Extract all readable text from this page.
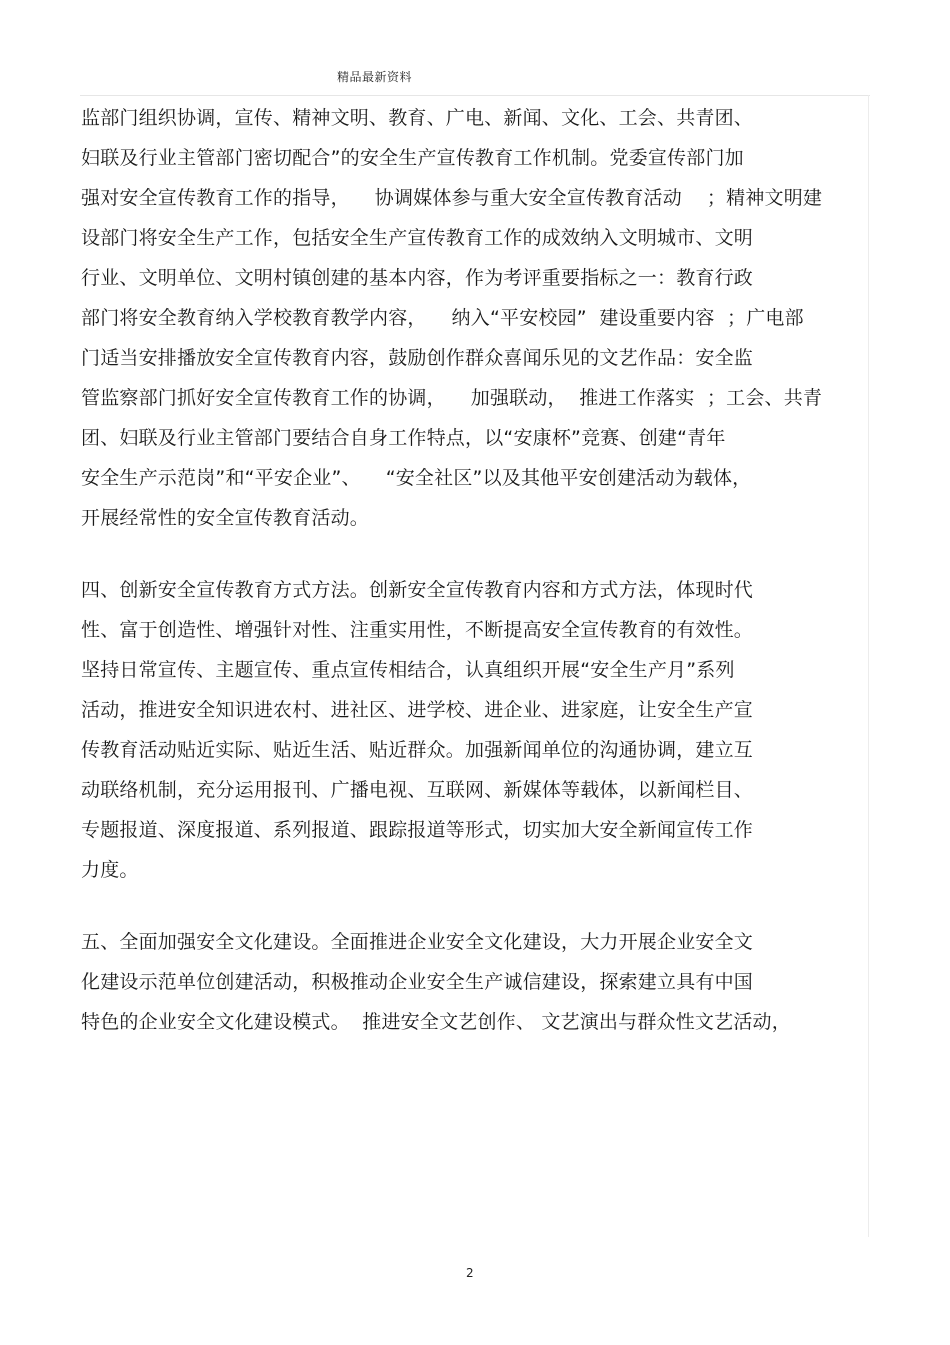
精品最新资料
监部门组织协调，宣传、精神文明、教育、广电、新闻、文化、工会、共青团、
妇联及行业主管部门密切配合”的安全生产宣传教育工作机制。党委宣传部门加
强对安全宣传教育工作的指导，    协调媒体参与重大安全宣传教育活动    ；精神文明建
设部门将安全生产工作，包括安全生产宣传教育工作的成效纳入文明城市、文明
行业、文明单位、文明村镇创建的基本内容，作为考评重要指标之一：教育行政
部门将安全教育纳入学校教育教学内容，    纳入“平安校园”  建设重要内容  ；广电部
门适当安排播放安全宣传教育内容，鼓励创作群众喜闻乐见的文艺作品：安全监
管监察部门抓好安全宣传教育工作的协调，    加强联动，  推进工作落实  ；工会、共青
团、妇联及行业主管部门要结合自身工作特点，以“安康杯”竞赛、创建“青年
安全生产示范岗”和“平安企业”、    “安全社区”以及其他平安创建活动为载体，
开展经常性的安全宣传教育活动。
四、创新安全宣传教育方式方法。创新安全宣传教育内容和方式方法，体现时代
性、富于创造性、增强针对性、注重实用性，不断提高安全宣传教育的有效性。
坚持日常宣传、主题宣传、重点宣传相结合，认真组织开展“安全生产月”系列
活动，推进安全知识进农村、进社区、进学校、进企业、进家庭，让安全生产宣
传教育活动贴近实际、贴近生活、贴近群众。加强新闻单位的沟通协调，建立互
动联络机制，充分运用报刊、广播电视、互联网、新媒体等载体，以新闻栏目、
专题报道、深度报道、系列报道、跟踪报道等形式，切实加大安全新闻宣传工作
力度。
五、全面加强安全文化建设。全面推进企业安全文化建设，大力开展企业安全文
化建设示范单位创建活动，积极推动企业安全生产诚信建设，探索建立具有中国
特色的企业安全文化建设模式。  推进安全文艺创作、 文艺演出与群众性文艺活动，
2
